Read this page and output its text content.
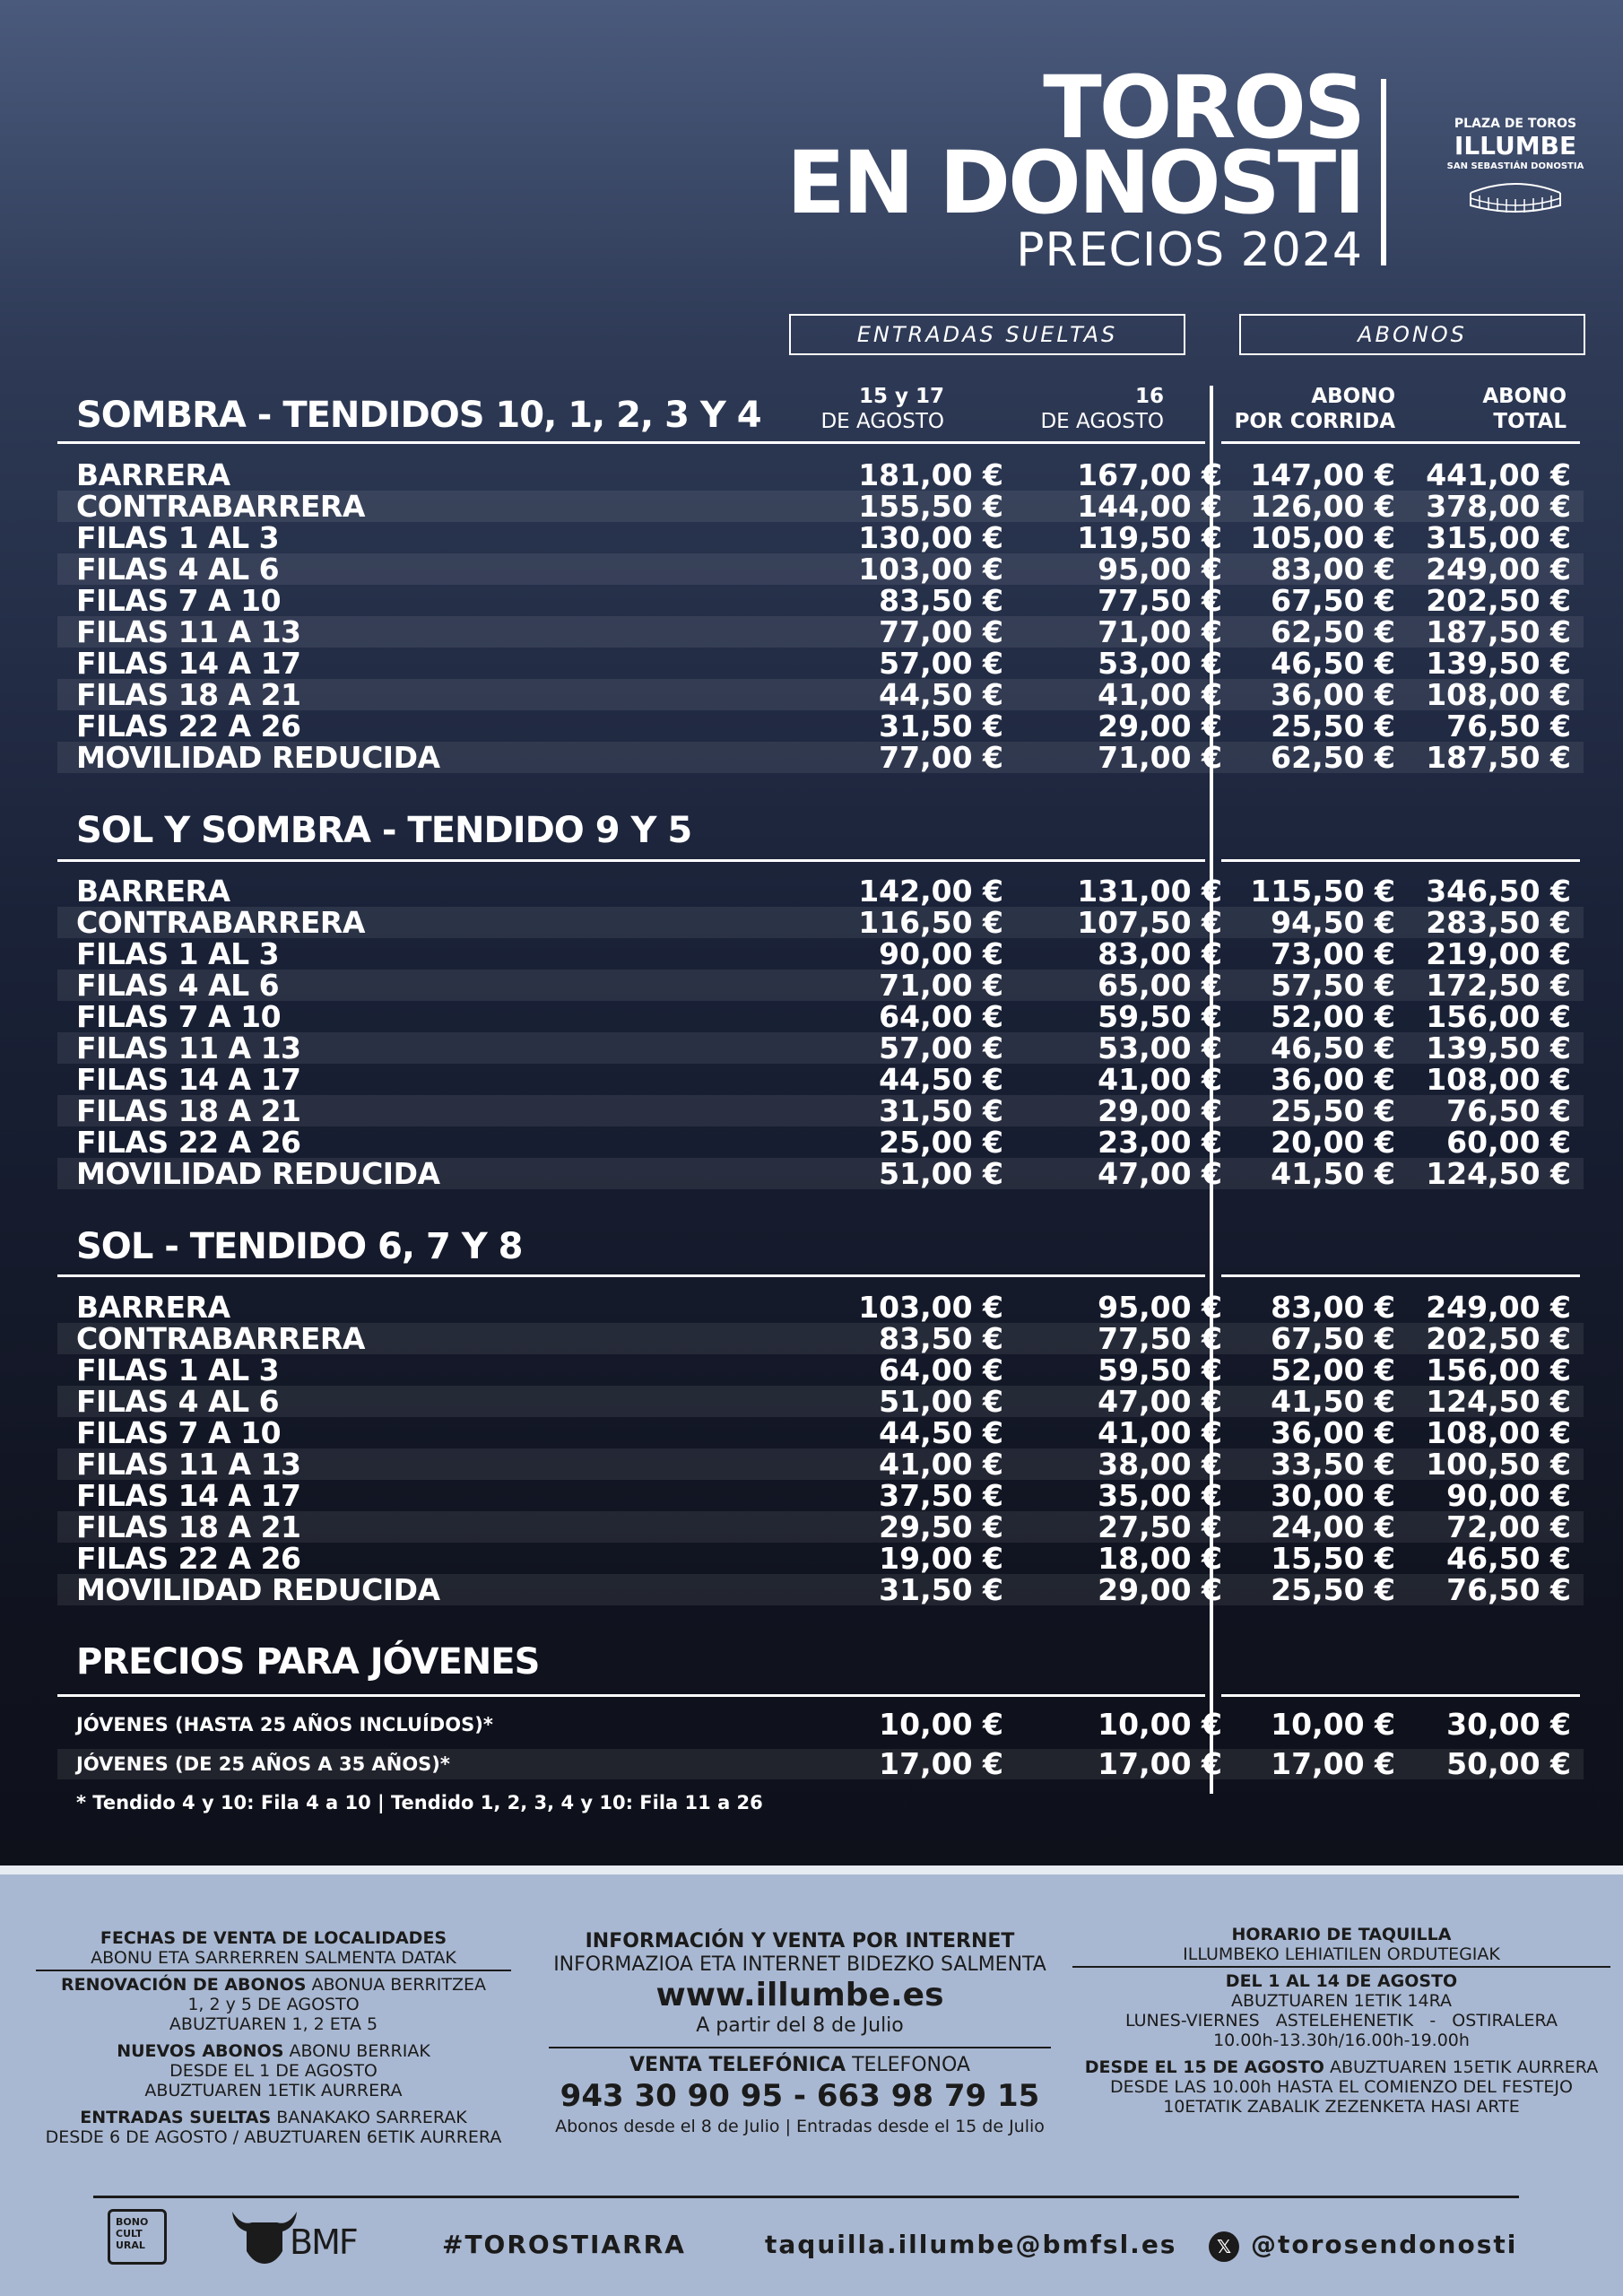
TOROS
EN DONOSTI
PRECIOS 2024
PLAZA DE TOROS
ILLUMBE
SAN SEBASTIÁN DONOSTIA
ENTRADAS SUELTAS	ABONOS
15 y 17
DE AGOSTO
16
DE AGOSTO
ABONO
POR CORRIDA
ABONO
TOTAL
SOMBRA - TENDIDOS 10, 1, 2, 3 Y 4
SOL Y SOMBRA - TENDIDO 9 Y 5
SOL - TENDIDO 6, 7 Y 8
PRECIOS PARA JÓVENES
BARRERA	181,00 € 167,00 € 147,00 € 441,00 €
CONTRABARRERA	155,50 € 144,00 € 126,00 € 378,00 €
FILAS 1 AL 3	130,00 € 119,50 € 105,00 € 315,00 €
FILAS 4 AL 6	103,00 €	95,00 € 83,00 € 249,00 €
FILAS 7 A 10	83,50 €	77,50 € 67,50 € 202,50 €
FILAS 11 A 13	77,00 €	71,00 € 62,50 € 187,50 €
FILAS 14 A 17	57,00 €	53,00 € 46,50 € 139,50 €
FILAS 18 A 21	44,50 €	41,00 € 36,00 € 108,00 €
FILAS 22 A 26	31,50 €	29,00 € 25,50 € 76,50 €
MOVILIDAD REDUCIDA	77,00 €	71,00 € 62,50 € 187,50 €
BARRERA	142,00 € 131,00 € 115,50 € 346,50 €
CONTRABARRERA	116,50 € 107,50 € 94,50 € 283,50 €
FILAS 1 AL 3	90,00 €	83,00 € 73,00 € 219,00 €
FILAS 4 AL 6	71,00 €	65,00 € 57,50 € 172,50 €
FILAS 7 A 10	64,00 €	59,50 € 52,00 € 156,00 €
FILAS 11 A 13	57,00 €	53,00 € 46,50 € 139,50 €
FILAS 14 A 17	44,50 €	41,00 € 36,00 € 108,00 €
FILAS 18 A 21	31,50 €	29,00 € 25,50 € 76,50 €
FILAS 22 A 26	25,00 €	23,00 € 20,00 € 60,00 €
MOVILIDAD REDUCIDA	51,00 €	47,00 € 41,50 € 124,50 €
BARRERA	103,00 €	95,00 € 83,00 € 249,00 €
CONTRABARRERA	83,50 €	77,50 € 67,50 € 202,50 €
FILAS 1 AL 3	64,00 €	59,50 € 52,00 € 156,00 €
FILAS 4 AL 6	51,00 €	47,00 € 41,50 € 124,50 €
FILAS 7 A 10	44,50 €	41,00 € 36,00 € 108,00 €
FILAS 11 A 13	41,00 €	38,00 € 33,50 € 100,50 €
FILAS 14 A 17	37,50 €	35,00 € 30,00 € 90,00 €
FILAS 18 A 21	29,50 €	27,50 € 24,00 € 72,00 €
FILAS 22 A 26	19,00 €	18,00 € 15,50 € 46,50 €
MOVILIDAD REDUCIDA	31,50 €	29,00 € 25,50 € 76,50 €
JÓVENES (HASTA 25 AÑOS INCLUÍDOS)*	10,00 €	10,00 € 10,00 € 30,00 €
JÓVENES (DE 25 AÑOS A 35 AÑOS)*	17,00 €	17,00 € 17,00 € 50,00 €
* Tendido 4 y 10: Fila 4 a 10 | Tendido 1, 2, 3, 4 y 10: Fila 11 a 26
FECHAS DE VENTA DE LOCALIDADES
ABONU ETA SARRERREN SALMENTA DATAK
RENOVACIÓN DE ABONOS ABONUA BERRITZEA
1, 2 y 5 DE AGOSTO
ABUZTUAREN 1, 2 ETA 5
NUEVOS ABONOS ABONU BERRIAK
DESDE EL 1 DE AGOSTO
ABUZTUAREN 1ETIK AURRERA
ENTRADAS SUELTAS BANAKAKO SARRERAK
DESDE 6 DE AGOSTO / ABUZTUAREN 6ETIK AURRERA
INFORMACIÓN Y VENTA POR INTERNET
INFORMAZIOA ETA INTERNET BIDEZKO SALMENTA
www.illumbe.es
A partir del 8 de Julio
VENTA TELEFÓNICA TELEFONOA
943 30 90 95 - 663 98 79 15
Abonos desde el 8 de Julio | Entradas desde el 15 de Julio
HORARIO DE TAQUILLA
ILLUMBEKO LEHIATILEN ORDUTEGIAK
DEL 1 AL 14 DE AGOSTO
ABUZTUAREN 1ETIK 14RA
LUNES-VIERNES   ASTELEHENETIK   -   OSTIRALERA
10.00h-13.30h/16.00h-19.00h
DESDE EL 15 DE AGOSTO ABUZTUAREN 15ETIK AURRERA
DESDE LAS 10.00h HASTA EL COMIENZO DEL FESTEJO
10ETATIK ZABALIK ZEZENKETA HASI ARTE
BONO
CULT
URAL	BMF	#TOROSTIARRA	taquilla.illumbe@bmfsl.es	𝕏 @torosendonosti
